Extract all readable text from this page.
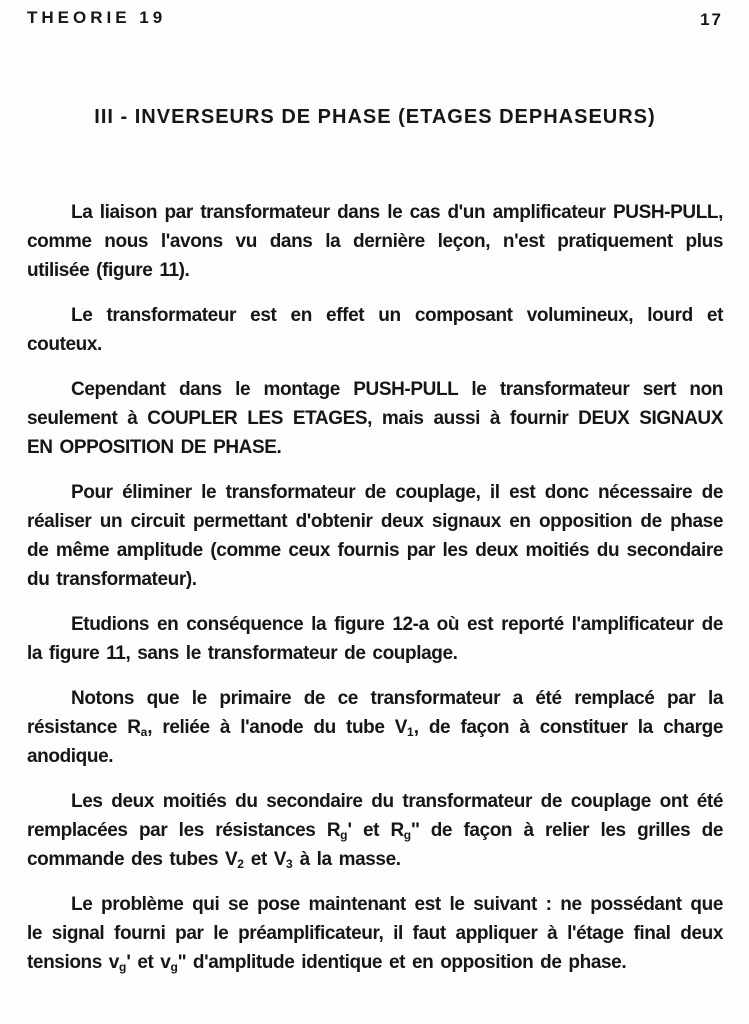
THEORIE 19	17
III - INVERSEURS DE PHASE (ETAGES DEPHASEURS)

La liaison par transformateur dans le cas d'un amplificateur PUSH-PULL, comme nous l'avons vu dans la dernière leçon, n'est pratiquement plus utilisée (figure 11).

Le transformateur est en effet un composant volumineux, lourd et couteux.

Cependant dans le montage PUSH-PULL le transformateur sert non seulement à COUPLER LES ETAGES, mais aussi à fournir DEUX SIGNAUX EN OPPOSITION DE PHASE.

Pour éliminer le transformateur de couplage, il est donc nécessaire de réaliser un circuit permettant d'obtenir deux signaux en opposition de phase de même amplitude (comme ceux fournis par les deux moitiés du secondaire du transformateur).

Etudions en conséquence la figure 12-a où est reporté l'amplificateur de la figure 11, sans le transformateur de couplage.

Notons que le primaire de ce transformateur a été remplacé par la résistance $R_a$, reliée à l'anode du tube $V_1$, de façon à constituer la charge anodique.

Les deux moitiés du secondaire du transformateur de couplage ont été remplacées par les résistances $R_g'$ et $R_g''$ de façon à relier les grilles de commande des tubes $V_2$ et $V_3$ à la masse.

Le problème qui se pose maintenant est le suivant : ne possédant que le signal fourni par le préamplificateur, il faut appliquer à l'étage final deux tensions $v_g'$ et $v_g''$ d'amplitude identique et en opposition de phase.
